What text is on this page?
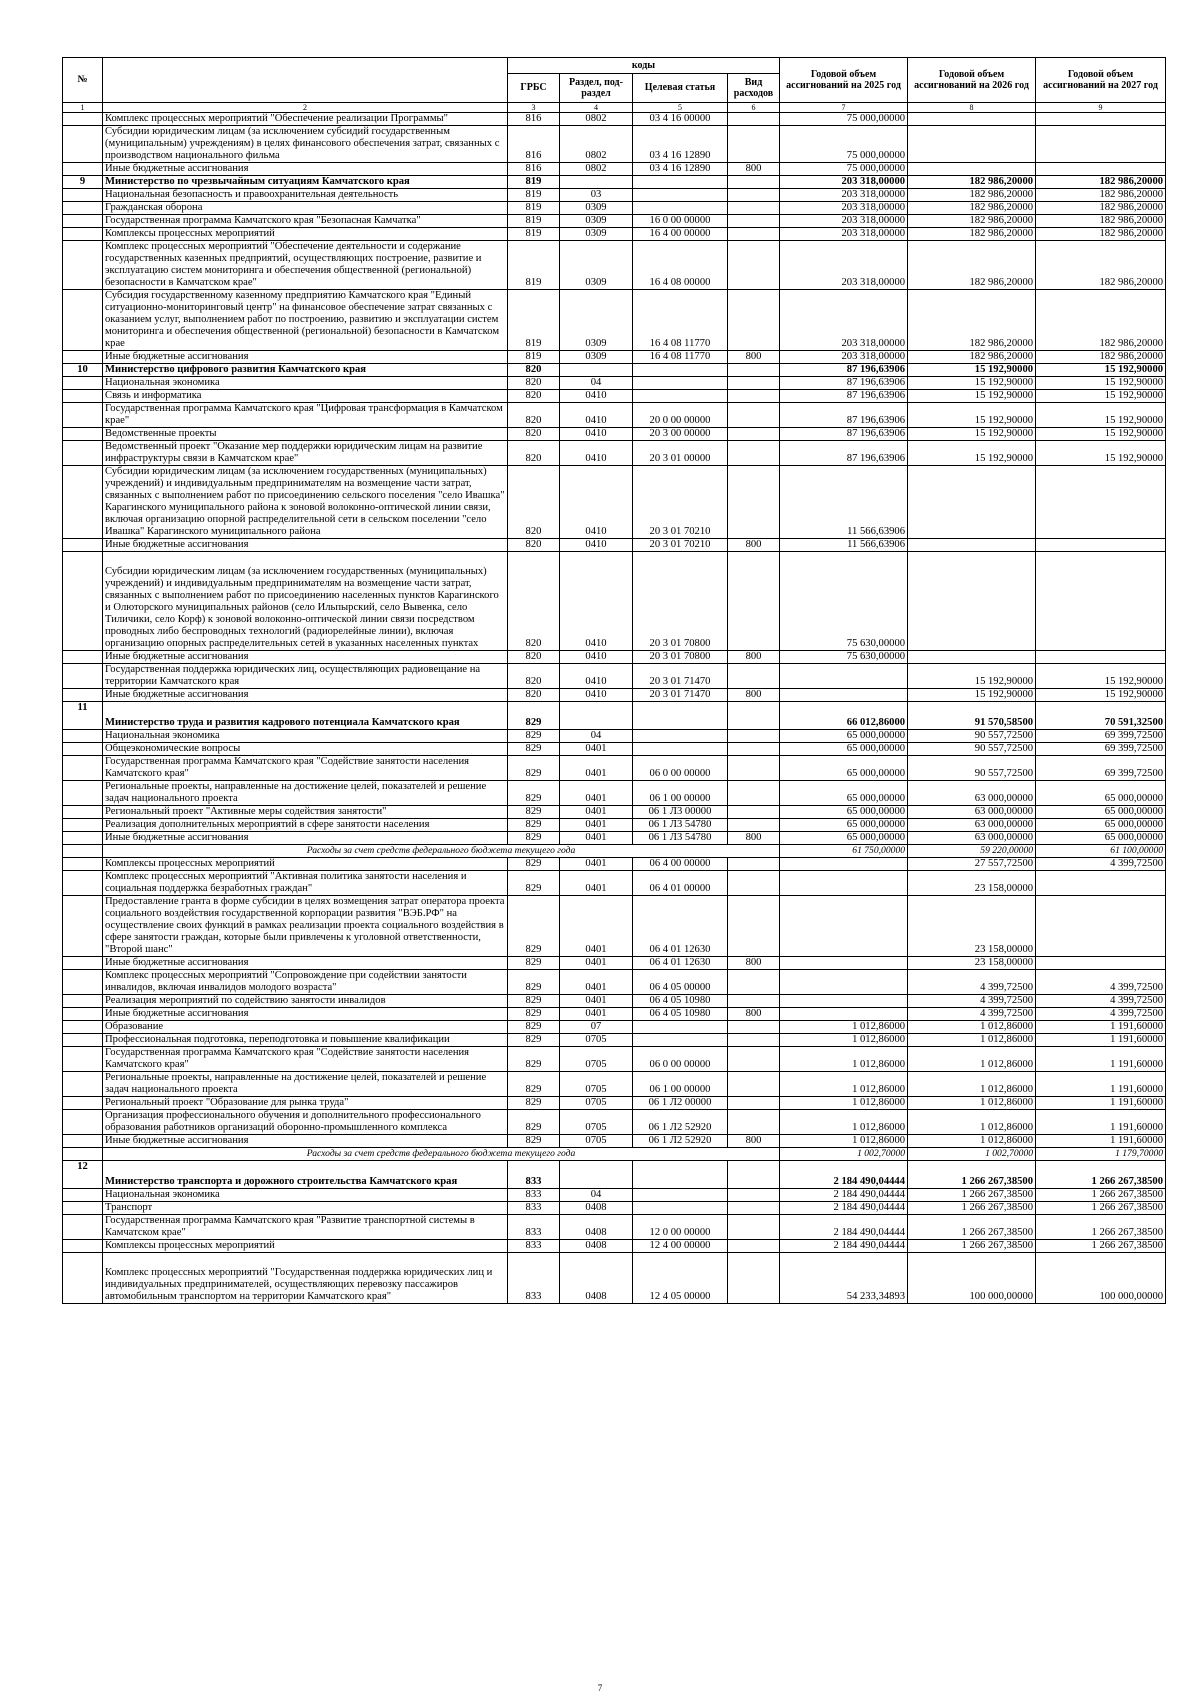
№		коды				Годовой объем ассигнований на 2025 год	Годовой объем ассигнований на 2026 год	Годовой объем ассигнований на 2027 год
		ГРБС	Раздел, под-раздел	Целевая статья	Вид расходов			
1	2	3	4	5	6	7	8	9
	Комплекс процессных мероприятий "Обеспечение реализации Программы"	816	0802	03 4 16 00000		75 000,00000		
	Субсидии юридическим лицам (за исключением субсидий государственным (муниципальным) учреждениям) в целях финансового обеспечения затрат, связанных с производством национального фильма	816	0802	03 4 16 12890		75 000,00000		
	Иные бюджетные ассигнования	816	0802	03 4 16 12890	800	75 000,00000		
9	Министерство по чрезвычайным ситуациям Камчатского края	819				203 318,00000	182 986,20000	182 986,20000
	Национальная безопасность и правоохранительная деятельность	819	03			203 318,00000	182 986,20000	182 986,20000
	Гражданская оборона	819	0309			203 318,00000	182 986,20000	182 986,20000
	Государственная программа Камчатского края "Безопасная Камчатка"	819	0309	16 0 00 00000		203 318,00000	182 986,20000	182 986,20000
	Комплексы процессных мероприятий	819	0309	16 4 00 00000		203 318,00000	182 986,20000	182 986,20000
	Комплекс процессных мероприятий "Обеспечение деятельности и содержание государственных казенных предприятий, осуществляющих построение, развитие и эксплуатацию систем мониторинга и обеспечения общественной (региональной) безопасности в Камчатском крае"	819	0309	16 4 08 00000		203 318,00000	182 986,20000	182 986,20000
	Субсидия государственному казенному предприятию Камчатского края "Единый ситуационно-мониторинговый центр" на финансовое обеспечение затрат связанных с оказанием услуг, выполнением работ по построению, развитию и эксплуатации систем мониторинга и обеспечения общественной (региональной) безопасности в Камчатском крае	819	0309	16 4 08 11770		203 318,00000	182 986,20000	182 986,20000
	Иные бюджетные ассигнования	819	0309	16 4 08 11770	800	203 318,00000	182 986,20000	182 986,20000
10	Министерство цифрового развития Камчатского края	820				87 196,63906	15 192,90000	15 192,90000
	Национальная экономика	820	04			87 196,63906	15 192,90000	15 192,90000
	Связь и информатика	820	0410			87 196,63906	15 192,90000	15 192,90000
	Государственная программа Камчатского края "Цифровая трансформация в Камчатском крае"	820	0410	20 0 00 00000		87 196,63906	15 192,90000	15 192,90000
	Ведомственные проекты	820	0410	20 3 00 00000		87 196,63906	15 192,90000	15 192,90000
	Ведомственный проект "Оказание мер поддержки юридическим лицам на развитие инфраструктуры связи в Камчатском крае"	820	0410	20 3 01 00000		87 196,63906	15 192,90000	15 192,90000
	Субсидии юридическим лицам (за исключением государственных (муниципальных) учреждений) и индивидуальным предпринимателям на возмещение части затрат, связанных с выполнением работ по присоединению сельского поселения "село Ивашка" Карагинского муниципального района к зоновой волоконно-оптической линии связи, включая организацию опорной распределительной сети в сельском поселении "село Ивашка" Карагинского муниципального района	820	0410	20 3 01 70210		11 566,63906		
	Иные бюджетные ассигнования	820	0410	20 3 01 70210	800	11 566,63906		
	Субсидии юридическим лицам (за исключением государственных (муниципальных) учреждений) и индивидуальным предпринимателям на возмещение части затрат, связанных с выполнением работ по присоединению населенных пунктов Карагинского и Олюторского муниципальных районов (село Ильпырский, село Вывенка, село Тиличики, село Корф) к зоновой волоконно-оптической линии связи посредством проводных либо беспроводных технологий (радиорелейные линии), включая организацию опорных распределительных сетей в указанных населенных пунктах	820	0410	20 3 01 70800		75 630,00000		
	Иные бюджетные ассигнования	820	0410	20 3 01 70800	800	75 630,00000		
	Государственная поддержка юридических лиц, осуществляющих радиовещание на территории Камчатского края	820	0410	20 3 01 71470			15 192,90000	15 192,90000
	Иные бюджетные ассигнования	820	0410	20 3 01 71470	800		15 192,90000	15 192,90000
11	Министерство труда и развития кадрового потенциала Камчатского края	829				66 012,86000	91 570,58500	70 591,32500
	Национальная экономика	829	04			65 000,00000	90 557,72500	69 399,72500
	Общеэкономические вопросы	829	0401			65 000,00000	90 557,72500	69 399,72500
	Государственная программа Камчатского края "Содействие занятости населения Камчатского края"	829	0401	06 0 00 00000		65 000,00000	90 557,72500	69 399,72500
	Региональные проекты, направленные на достижение целей, показателей и решение задач национального проекта	829	0401	06 1 00 00000		65 000,00000	63 000,00000	65 000,00000
	Региональный проект "Активные меры содействия занятости"	829	0401	06 1 Л3 00000		65 000,00000	63 000,00000	65 000,00000
	Реализация дополнительных мероприятий в сфере занятости населения	829	0401	06 1 Л3 54780		65 000,00000	63 000,00000	65 000,00000
	Иные бюджетные ассигнования	829	0401	06 1 Л3 54780	800	65 000,00000	63 000,00000	65 000,00000
	Расходы за счет средств федерального бюджета текущего года					61 750,00000	59 220,00000	61 100,00000
	Комплексы процессных мероприятий	829	0401	06 4 00 00000			27 557,72500	4 399,72500
	Комплекс процессных мероприятий "Активная политика занятости населения и социальная поддержка безработных граждан"	829	0401	06 4 01 00000			23 158,00000	
	Предоставление гранта в форме субсидии в целях возмещения затрат оператора проекта социального воздействия государственной корпорации развития "ВЭБ.РФ" на осуществление своих функций в рамках реализации проекта социального воздействия в сфере занятости граждан, которые были привлечены к уголовной ответственности, "Второй шанс"	829	0401	06 4 01 12630			23 158,00000	
	Иные бюджетные ассигнования	829	0401	06 4 01 12630	800		23 158,00000	
	Комплекс процессных мероприятий "Сопровождение при содействии занятости инвалидов, включая инвалидов молодого возраста"	829	0401	06 4 05 00000			4 399,72500	4 399,72500
	Реализация мероприятий по содействию занятости инвалидов	829	0401	06 4 05 10980			4 399,72500	4 399,72500
	Иные бюджетные ассигнования	829	0401	06 4 05 10980	800		4 399,72500	4 399,72500
	Образование	829	07			1 012,86000	1 012,86000	1 191,60000
	Профессиональная подготовка, переподготовка и повышение квалификации	829	0705			1 012,86000	1 012,86000	1 191,60000
	Государственная программа Камчатского края "Содействие занятости населения Камчатского края"	829	0705	06 0 00 00000		1 012,86000	1 012,86000	1 191,60000
	Региональные проекты, направленные на достижение целей, показателей и решение задач национального проекта	829	0705	06 1 00 00000		1 012,86000	1 012,86000	1 191,60000
	Региональный проект "Образование для рынка труда"	829	0705	06 1 Л2 00000		1 012,86000	1 012,86000	1 191,60000
	Организация профессионального обучения и дополнительного профессионального образования работников организаций оборонно-промышленного комплекса	829	0705	06 1 Л2 52920		1 012,86000	1 012,86000	1 191,60000
	Иные бюджетные ассигнования	829	0705	06 1 Л2 52920	800	1 012,86000	1 012,86000	1 191,60000
	Расходы за счет средств федерального бюджета текущего года					1 002,70000	1 002,70000	1 179,70000
12	Министерство транспорта и дорожного строительства Камчатского края	833				2 184 490,04444	1 266 267,38500	1 266 267,38500
	Национальная экономика	833	04			2 184 490,04444	1 266 267,38500	1 266 267,38500
	Транспорт	833	0408			2 184 490,04444	1 266 267,38500	1 266 267,38500
	Государственная программа Камчатского края "Развитие транспортной системы в Камчатском крае"	833	0408	12 0 00 00000		2 184 490,04444	1 266 267,38500	1 266 267,38500
	Комплексы процессных мероприятий	833	0408	12 4 00 00000		2 184 490,04444	1 266 267,38500	1 266 267,38500
	Комплекс процессных мероприятий "Государственная поддержка юридических лиц и индивидуальных предпринимателей, осуществляющих перевозку пассажиров автомобильным транспортом на территории Камчатского края"	833	0408	12 4 05 00000		54 233,34893	100 000,00000	100 000,00000
7
